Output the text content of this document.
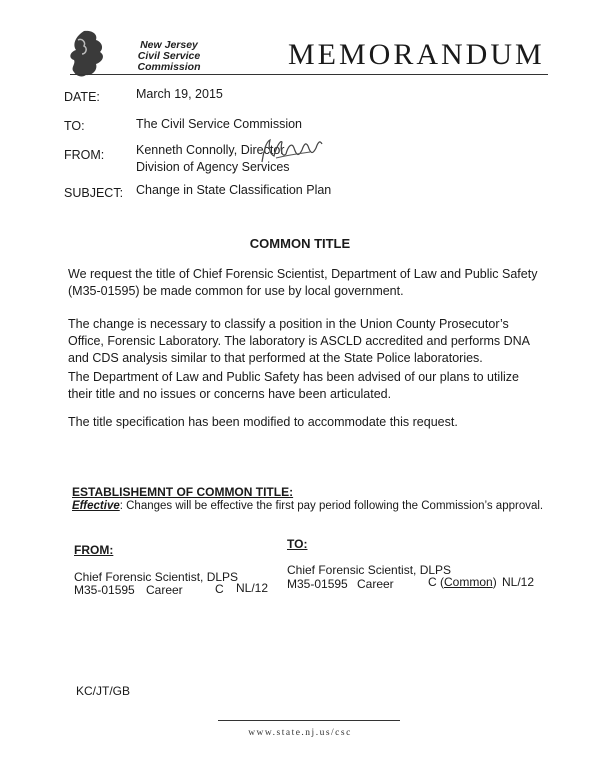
New Jersey
Civil Service
Commission	MEMORANDUM
DATE:	March 19, 2015
TO:	The Civil Service Commission
FROM:	Kenneth Connolly, Director
Division of Agency Services
SUBJECT: Change in State Classification Plan
COMMON TITLE
We request the title of Chief Forensic Scientist, Department of Law and Public Safety (M35-01595) be made common for use by local government.
The change is necessary to classify a position in the Union County Prosecutor’s Office, Forensic Laboratory. The laboratory is ASCLD accredited and performs DNA and CDS analysis similar to that performed at the State Police laboratories.
The Department of Law and Public Safety has been advised of our plans to utilize their title and no issues or concerns have been articulated.
The title specification has been modified to accommodate this request.
ESTABLISHEMNT OF COMMON TITLE:
Effective: Changes will be effective the first pay period following the Commission’s approval.
FROM:
Chief Forensic Scientist, DLPS
M35-01595 Career	C NL/12
TO:
Chief Forensic Scientist, DLPS
M35-01595 Career	C (Common) NL/12
KC/JT/GB
www.state.nj.us/csc
